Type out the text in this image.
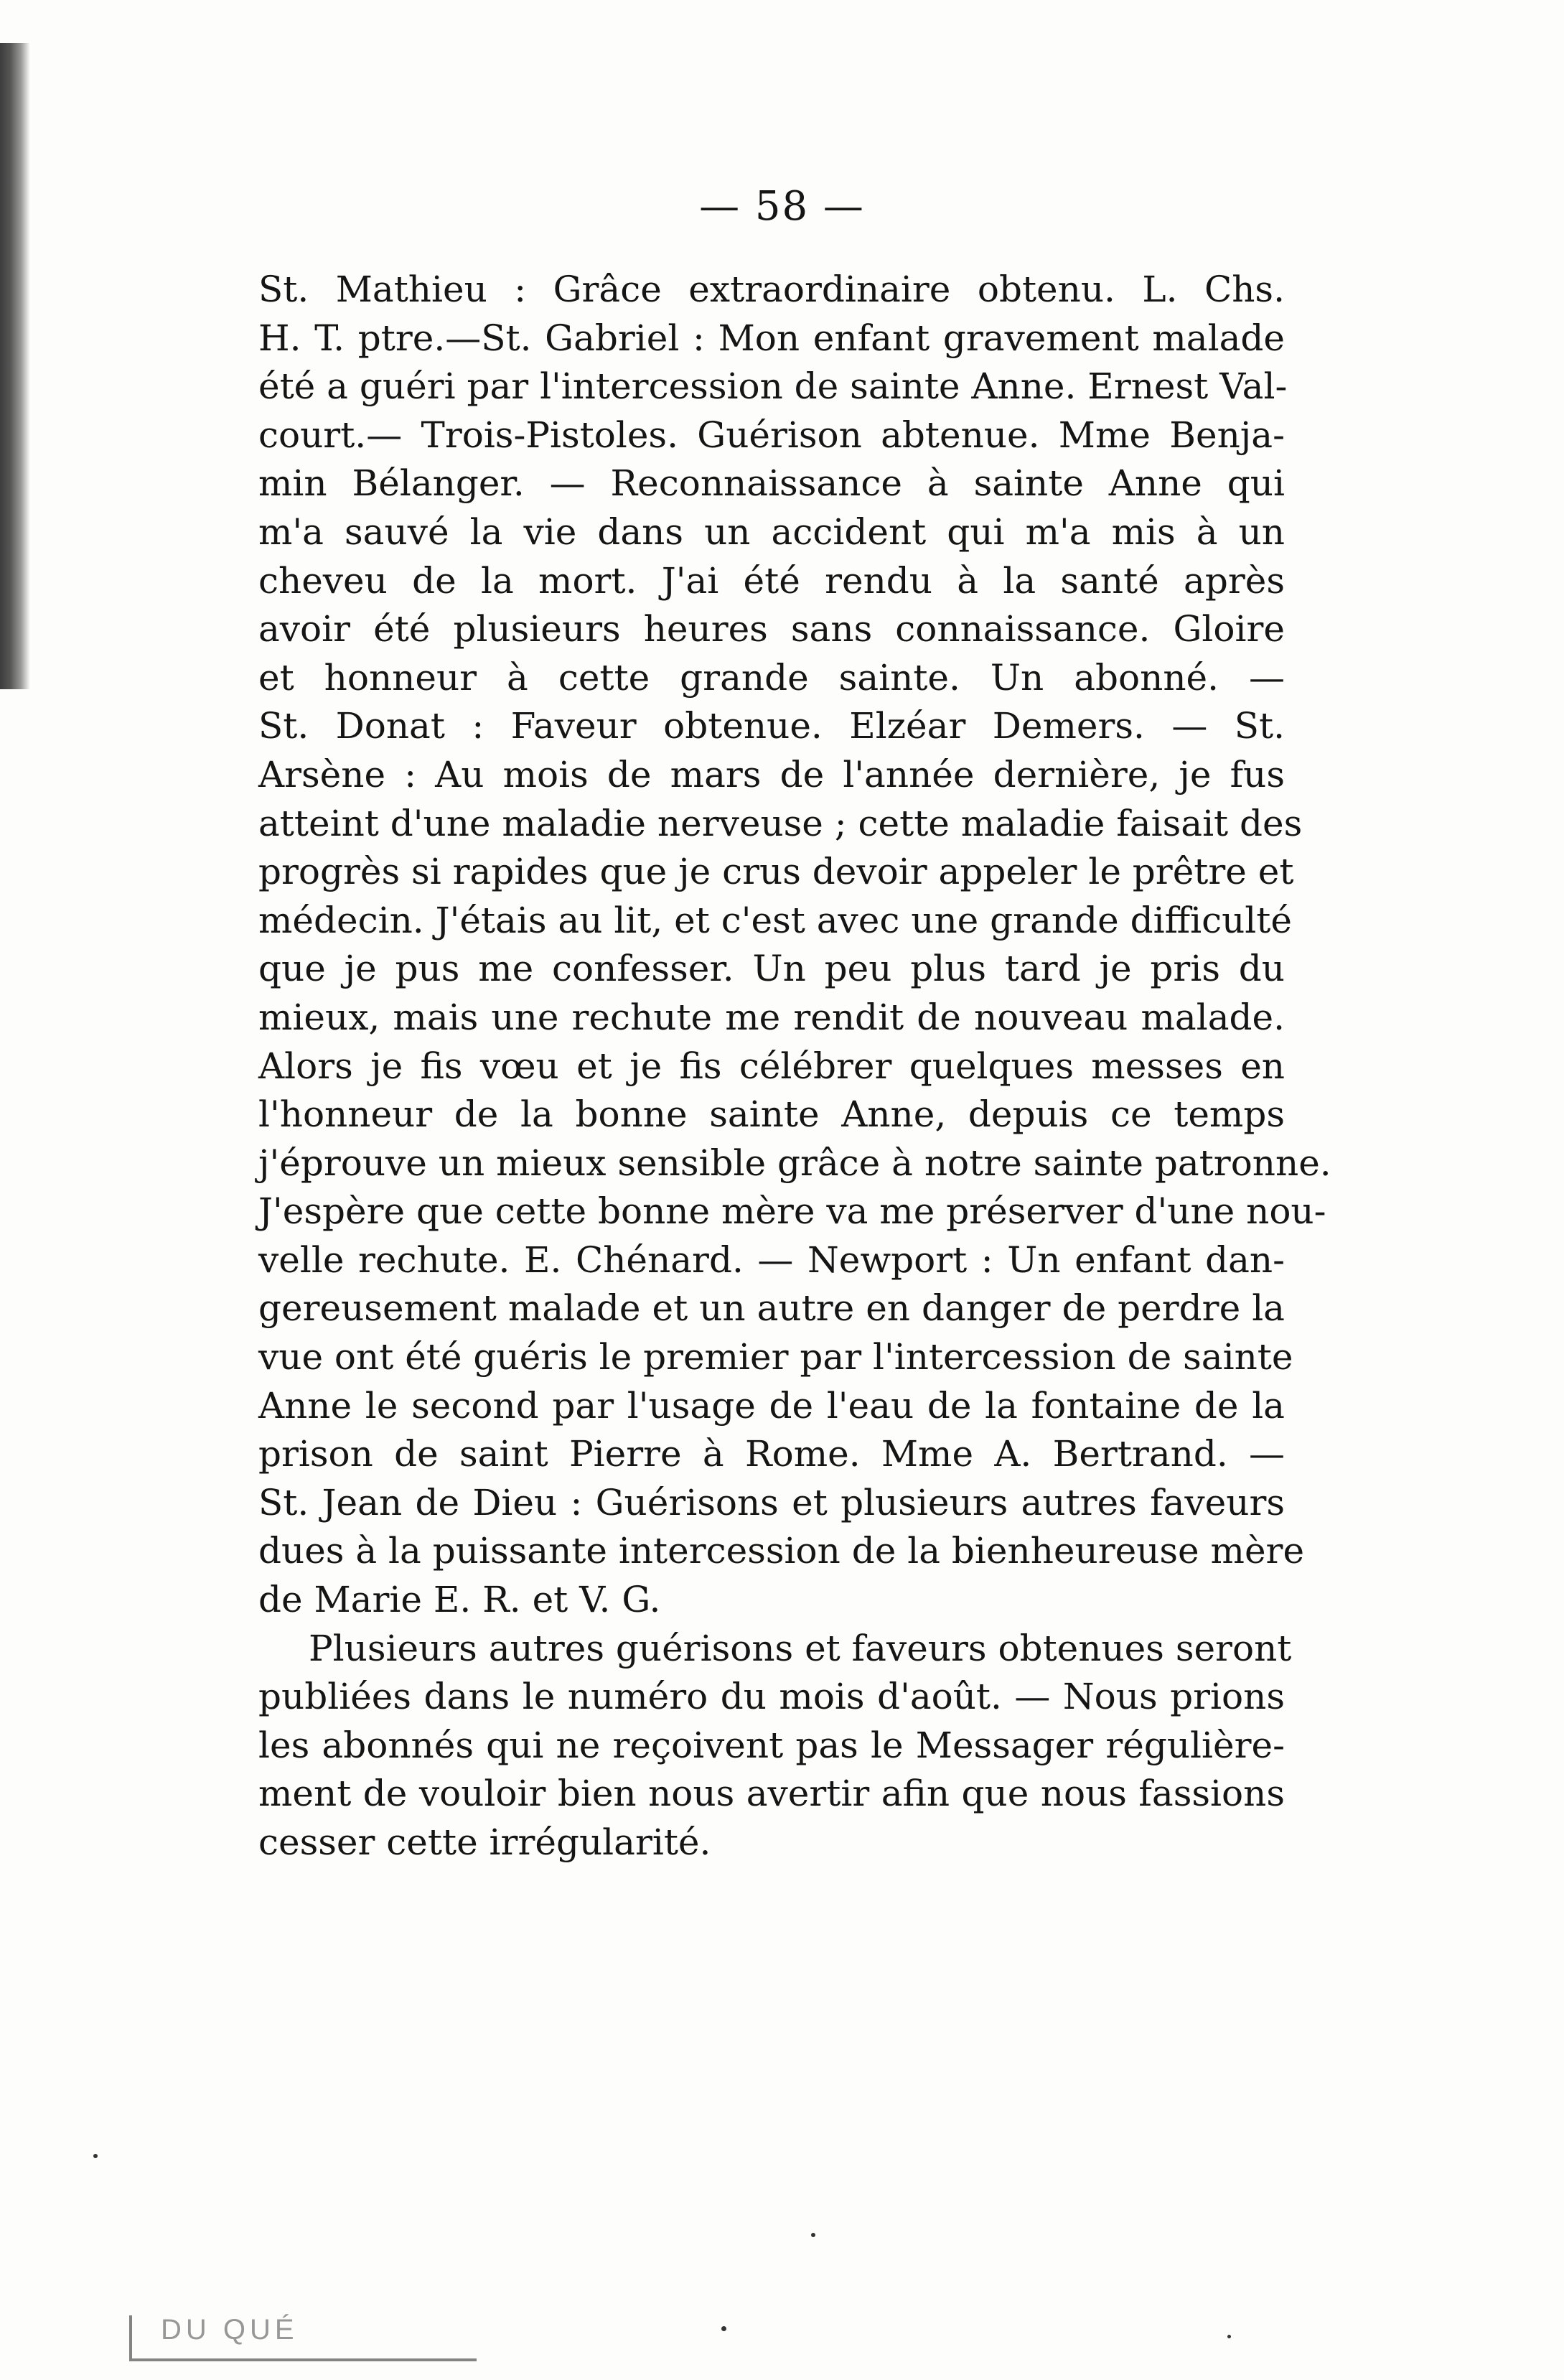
— 58 —
St. Mathieu : Grâce extraordinaire obtenu. L. Chs.
H. T. ptre.—St. Gabriel : Mon enfant gravement malade
été a guéri par l'intercession de sainte Anne. Ernest Val-
court.— Trois-Pistoles. Guérison abtenue. Mme Benja-
min Bélanger. — Reconnaissance à sainte Anne qui
m'a sauvé la vie dans un accident qui m'a mis à un
cheveu de la mort. J'ai été rendu à la santé après
avoir été plusieurs heures sans connaissance. Gloire
et honneur à cette grande sainte. Un abonné. —
St. Donat : Faveur obtenue. Elzéar Demers. — St.
Arsène : Au mois de mars de l'année dernière, je fus
atteint d'une maladie nerveuse ; cette maladie faisait des
progrès si rapides que je crus devoir appeler le prêtre et
médecin. J'étais au lit, et c'est avec une grande difficulté
que je pus me confesser. Un peu plus tard je pris du
mieux, mais une rechute me rendit de nouveau malade.
Alors je fis vœu et je fis célébrer quelques messes en
l'honneur de la bonne sainte Anne, depuis ce temps
j'éprouve un mieux sensible grâce à notre sainte patronne.
J'espère que cette bonne mère va me préserver d'une nou-
velle rechute. E. Chénard. — Newport : Un enfant dan-
gereusement malade et un autre en danger de perdre la
vue ont été guéris le premier par l'intercession de sainte
Anne le second par l'usage de l'eau de la fontaine de la
prison de saint Pierre à Rome. Mme A. Bertrand. —
St. Jean de Dieu : Guérisons et plusieurs autres faveurs
dues à la puissante intercession de la bienheureuse mère
de Marie E. R. et V. G.
Plusieurs autres guérisons et faveurs obtenues seront
publiées dans le numéro du mois d'août. — Nous prions
les abonnés qui ne reçoivent pas le Messager régulière-
ment de vouloir bien nous avertir afin que nous fassions
cesser cette irrégularité.
DU QUÉ
